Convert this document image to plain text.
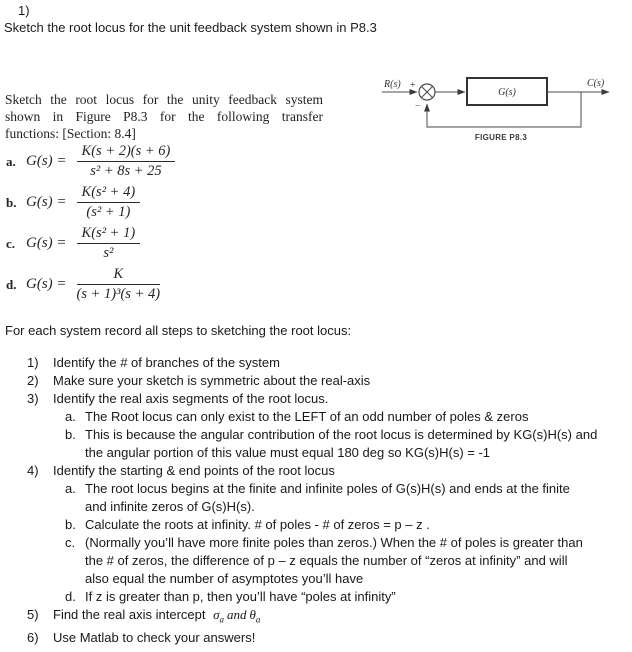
1)
Sketch the root locus for the unit feedback system shown in P8.3
Sketch the root locus for the unity feedback system
shown in Figure P8.3 for the following transfer
functions: [Section: 8.4]
a. $G(s) = \frac{K(s + 2)(s + 6)}{\text{s² + 8s + 25}}$
b. $G(s) = \frac{\text{K(s² + 4)}}{\text{(s² + 1)}}$
c. $G(s) = \frac{\text{K(s² + 1)}}{\text{s²}}$
d. $G(s) = \frac{K}{\text{(s + 1)³(s + 4)}}$
R(s) +
−
G(s)
C(s)
FIGURE P8.3
For each system record all steps to sketching the root locus:
1)	Identify the # of branches of the system
2)	Make sure your sketch is symmetric about the real-axis
3)	Identify the real axis segments of the root locus.
a. The Root locus can only exist to the LEFT of an odd number of poles & zeros
b. This is because the angular contribution of the root locus is determined by KG(s)H(s) and
the angular portion of this value must equal 180 deg so KG(s)H(s) = -1
4)	Identify the starting & end points of the root locus
a. The root locus begins at the finite and infinite poles of G(s)H(s) and ends at the finite
and infinite zeros of G(s)H(s).
b. Calculate the roots at infinity. # of poles - # of zeros = p – z .
c. (Normally you’ll have more finite poles than zeros.) When the # of poles is greater than
the # of zeros, the difference of p – z equals the number of “zeros at infinity” and will
also equal the number of asymptotes you’ll have
d. If z is greater than p, then you’ll have “poles at infinity”
5)	Find the real axis intercept $\sigma_a$ and $\theta_a$
6)	Use Matlab to check your answers!
